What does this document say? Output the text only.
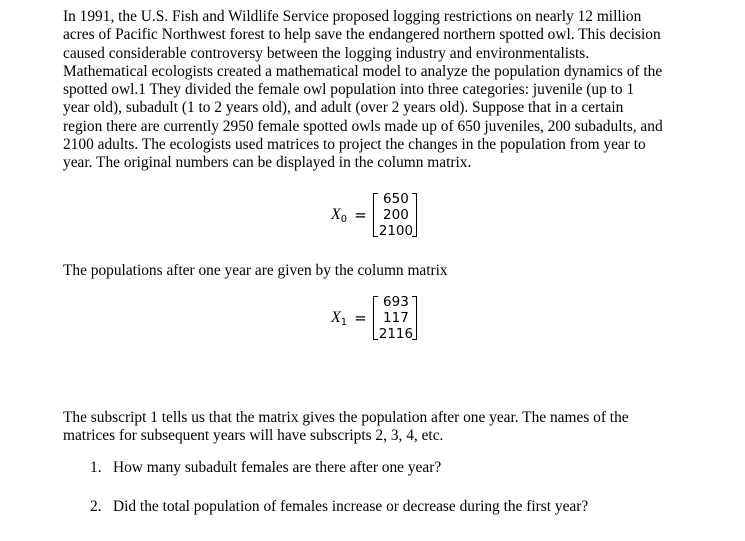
In 1991, the U.S. Fish and Wildlife Service proposed logging restrictions on nearly 12 million
acres of Pacific Northwest forest to help save the endangered northern spotted owl. This decision
caused considerable controversy between the logging industry and environmentalists.
Mathematical ecologists created a mathematical model to analyze the population dynamics of the
spotted owl.1 They divided the female owl population into three categories: juvenile (up to 1
year old), subadult (1 to 2 years old), and adult (over 2 years old). Suppose that in a certain
region there are currently 2950 female spotted owls made up of 650 juveniles, 200 subadults, and
2100 adults. The ecologists used matrices to project the changes in the population from year to
year. The original numbers can be displayed in the column matrix.

$X_0$ =
650
200
2100

The populations after one year are given by the column matrix

$X_1$ =
693
117
2116

The subscript 1 tells us that the matrix gives the population after one year. The names of the
matrices for subsequent years will have subscripts 2, 3, 4, etc.

1. How many subadult females are there after one year?
2. Did the total population of females increase or decrease during the first year?
